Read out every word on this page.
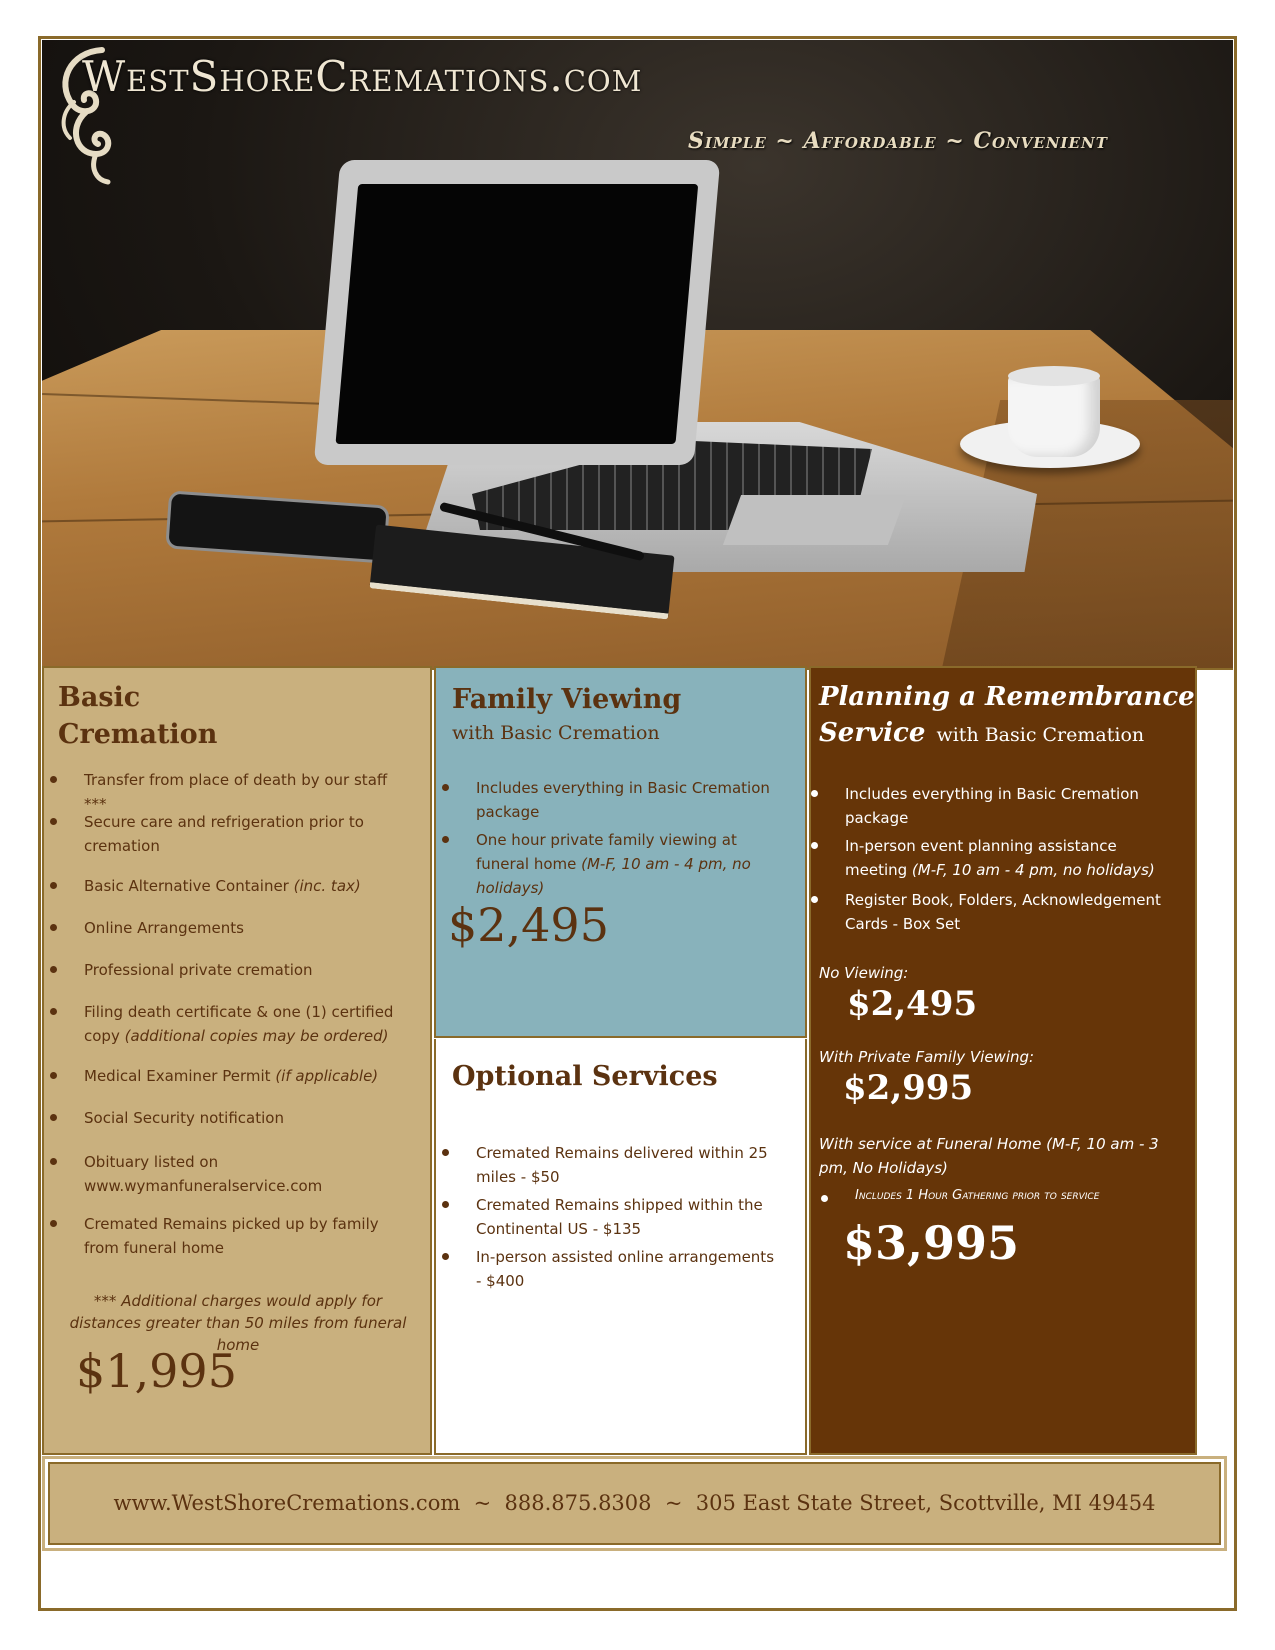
WestShoreCremations.com
Simple ~ Affordable ~ Convenient
Basic
Cremation
Transfer from place of death by our staff ***
Secure care and refrigeration prior to cremation
Basic Alternative Container (inc. tax)
Online Arrangements
Professional private cremation
Filing death certificate & one (1) certified copy (additional copies may be ordered)
Medical Examiner Permit (if applicable)
Social Security notification
Obituary listed on www.wymanfuneralservice.com
Cremated Remains picked up by family from funeral home
*** Additional charges would apply for distances greater than 50 miles from funeral home
$1,995
Family Viewing
with Basic Cremation
Includes everything in Basic Cremation package
One hour private family viewing at funeral home (M-F, 10 am - 4 pm, no holidays)
$2,495
Optional Services
Cremated Remains delivered within 25 miles - $50
Cremated Remains shipped within the Continental US - $135
In-person assisted online arrangements - $400
Planning a Remembrance
Service with Basic Cremation
Includes everything in Basic Cremation package
In-person event planning assistance meeting (M-F, 10 am - 4 pm, no holidays)
Register Book, Folders, Acknowledgement Cards - Box Set
No Viewing:
$2,495
With Private Family Viewing:
$2,995
With service at Funeral Home (M-F, 10 am - 3 pm, No Holidays)
Includes 1 Hour Gathering prior to service
$3,995
www.WestShoreCremations.com  ~  888.875.8308  ~  305 East State Street, Scottville, MI 49454
